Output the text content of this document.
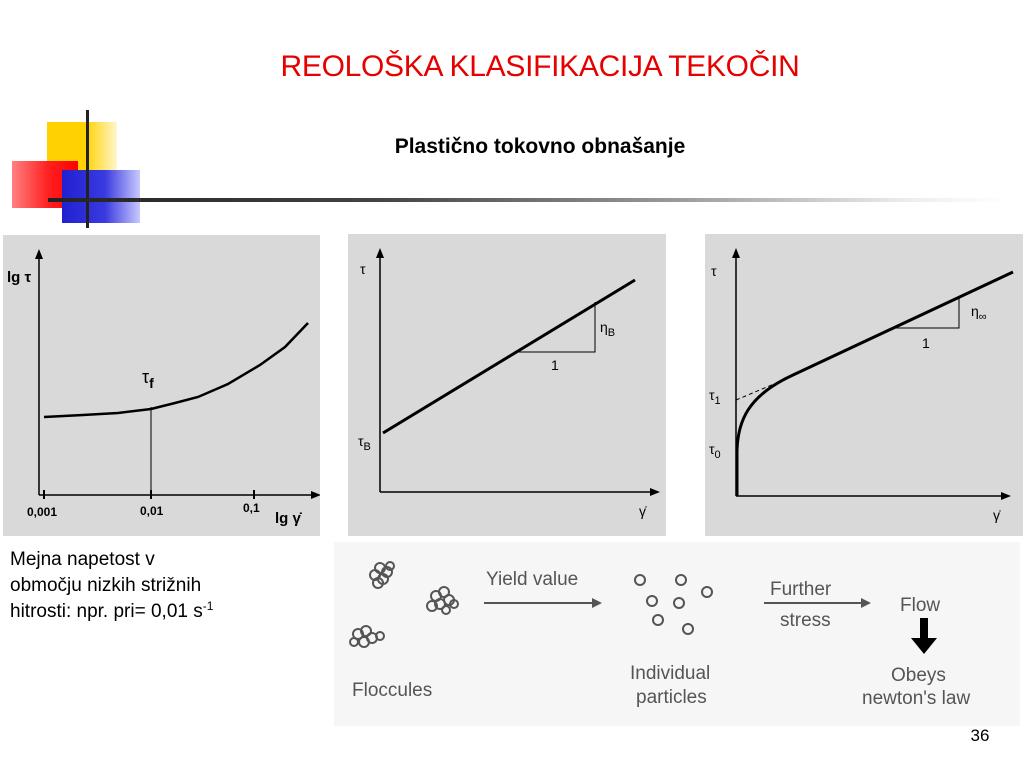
REOLOŠKA KLASIFIKACIJA TEKOČIN
Plastično tokovno obnašanje
lg τ
lg γ̇
0,001	0,01	0,1
$\tau_f$
τ
γ̇
$\tau_B$
$\eta_B$
1
τ
γ̇
$\tau_1$
$\tau_0$
$\eta_\infty$
1
Mejna napetost v
območju nizkih strižnih
hitrosti: npr. pri= 0,01 $s^{-1}$
Floccules
Yield value
Individual
particles
Further
stress
Flow
Obeys
newton's law
36
